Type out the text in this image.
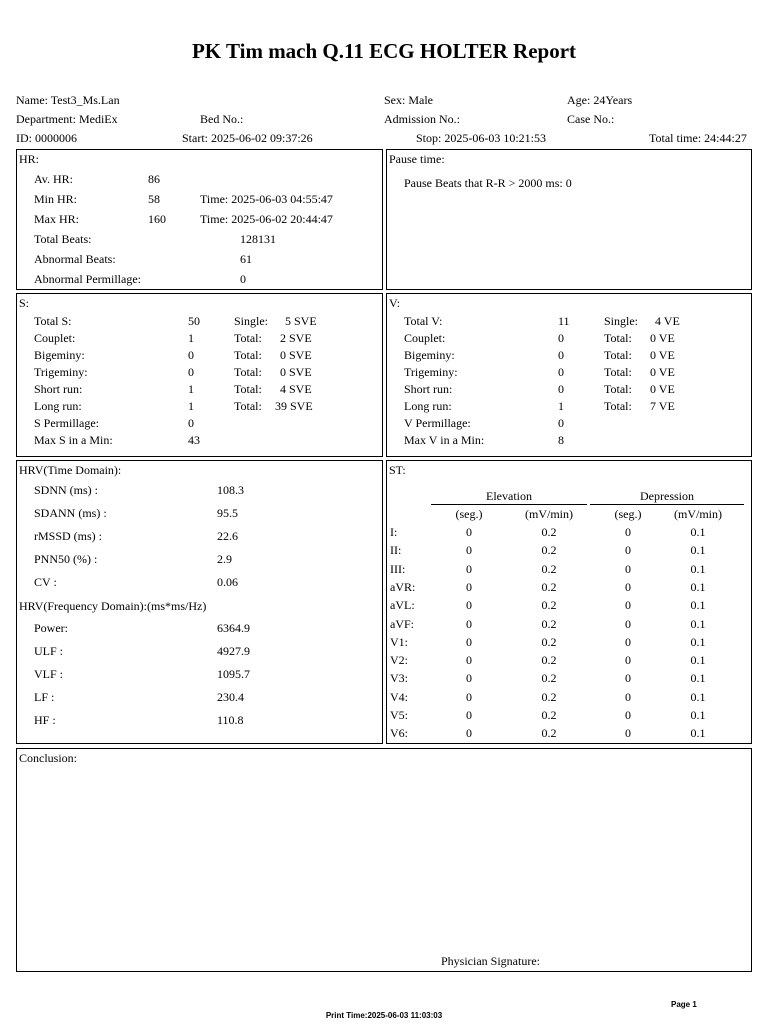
PK Tim mach Q.11 ECG HOLTER Report
Name: Test3_Ms.Lan	Sex: Male	Age: 24Years
Department: MediEx	Bed No.:	Admission No.:	Case No.:
ID: 0000006	Start: 2025-06-02 09:37:26	Stop: 2025-06-03 10:21:53	Total time: 24:44:27
HR:
Av. HR:	86
Min HR:	58	Time: 2025-06-03 04:55:47
Max HR:	160	Time: 2025-06-02 20:44:47
Total Beats:	128131
Abnormal Beats:	61
Abnormal Permillage:	0
Pause time:
Pause Beats that R-R > 2000 ms: 0
S:
Total S:	50	Single: 5 SVE
Couplet:	1	Total: 2 SVE
Bigeminy:	0	Total: 0 SVE
Trigeminy:	0	Total: 0 SVE
Short run:	1	Total: 4 SVE
Long run:	1	Total: 39 SVE
S Permillage:	0
Max S in a Min:	43
V:
Total V:	11	Single: 4 VE
Couplet:	0	Total: 0 VE
Bigeminy:	0	Total: 0 VE
Trigeminy:	0	Total: 0 VE
Short run:	0	Total: 0 VE
Long run:	1	Total: 7 VE
V Permillage:	0
Max V in a Min:	8
HRV(Time Domain):
SDNN (ms) :	108.3
SDANN (ms) :	95.5
rMSSD (ms) :	22.6
PNN50 (%) :	2.9
CV :	0.06
HRV(Frequency Domain):(ms*ms/Hz)
Power:	6364.9
ULF :	4927.9
VLF :	1095.7
LF :	230.4
HF :	110.8
ST:
Elevation	Depression
(seg.)	(mV/min)	(seg.)	(mV/min)
I:	0	0.2	0	0.1
II:	0	0.2	0	0.1
III:	0	0.2	0	0.1
aVR:	0	0.2	0	0.1
aVL:	0	0.2	0	0.1
aVF:	0	0.2	0	0.1
V1:	0	0.2	0	0.1
V2:	0	0.2	0	0.1
V3:	0	0.2	0	0.1
V4:	0	0.2	0	0.1
V5:	0	0.2	0	0.1
V6:	0	0.2	0	0.1
Conclusion:
Physician Signature:
Page 1
Print Time:2025-06-03 11:03:03
